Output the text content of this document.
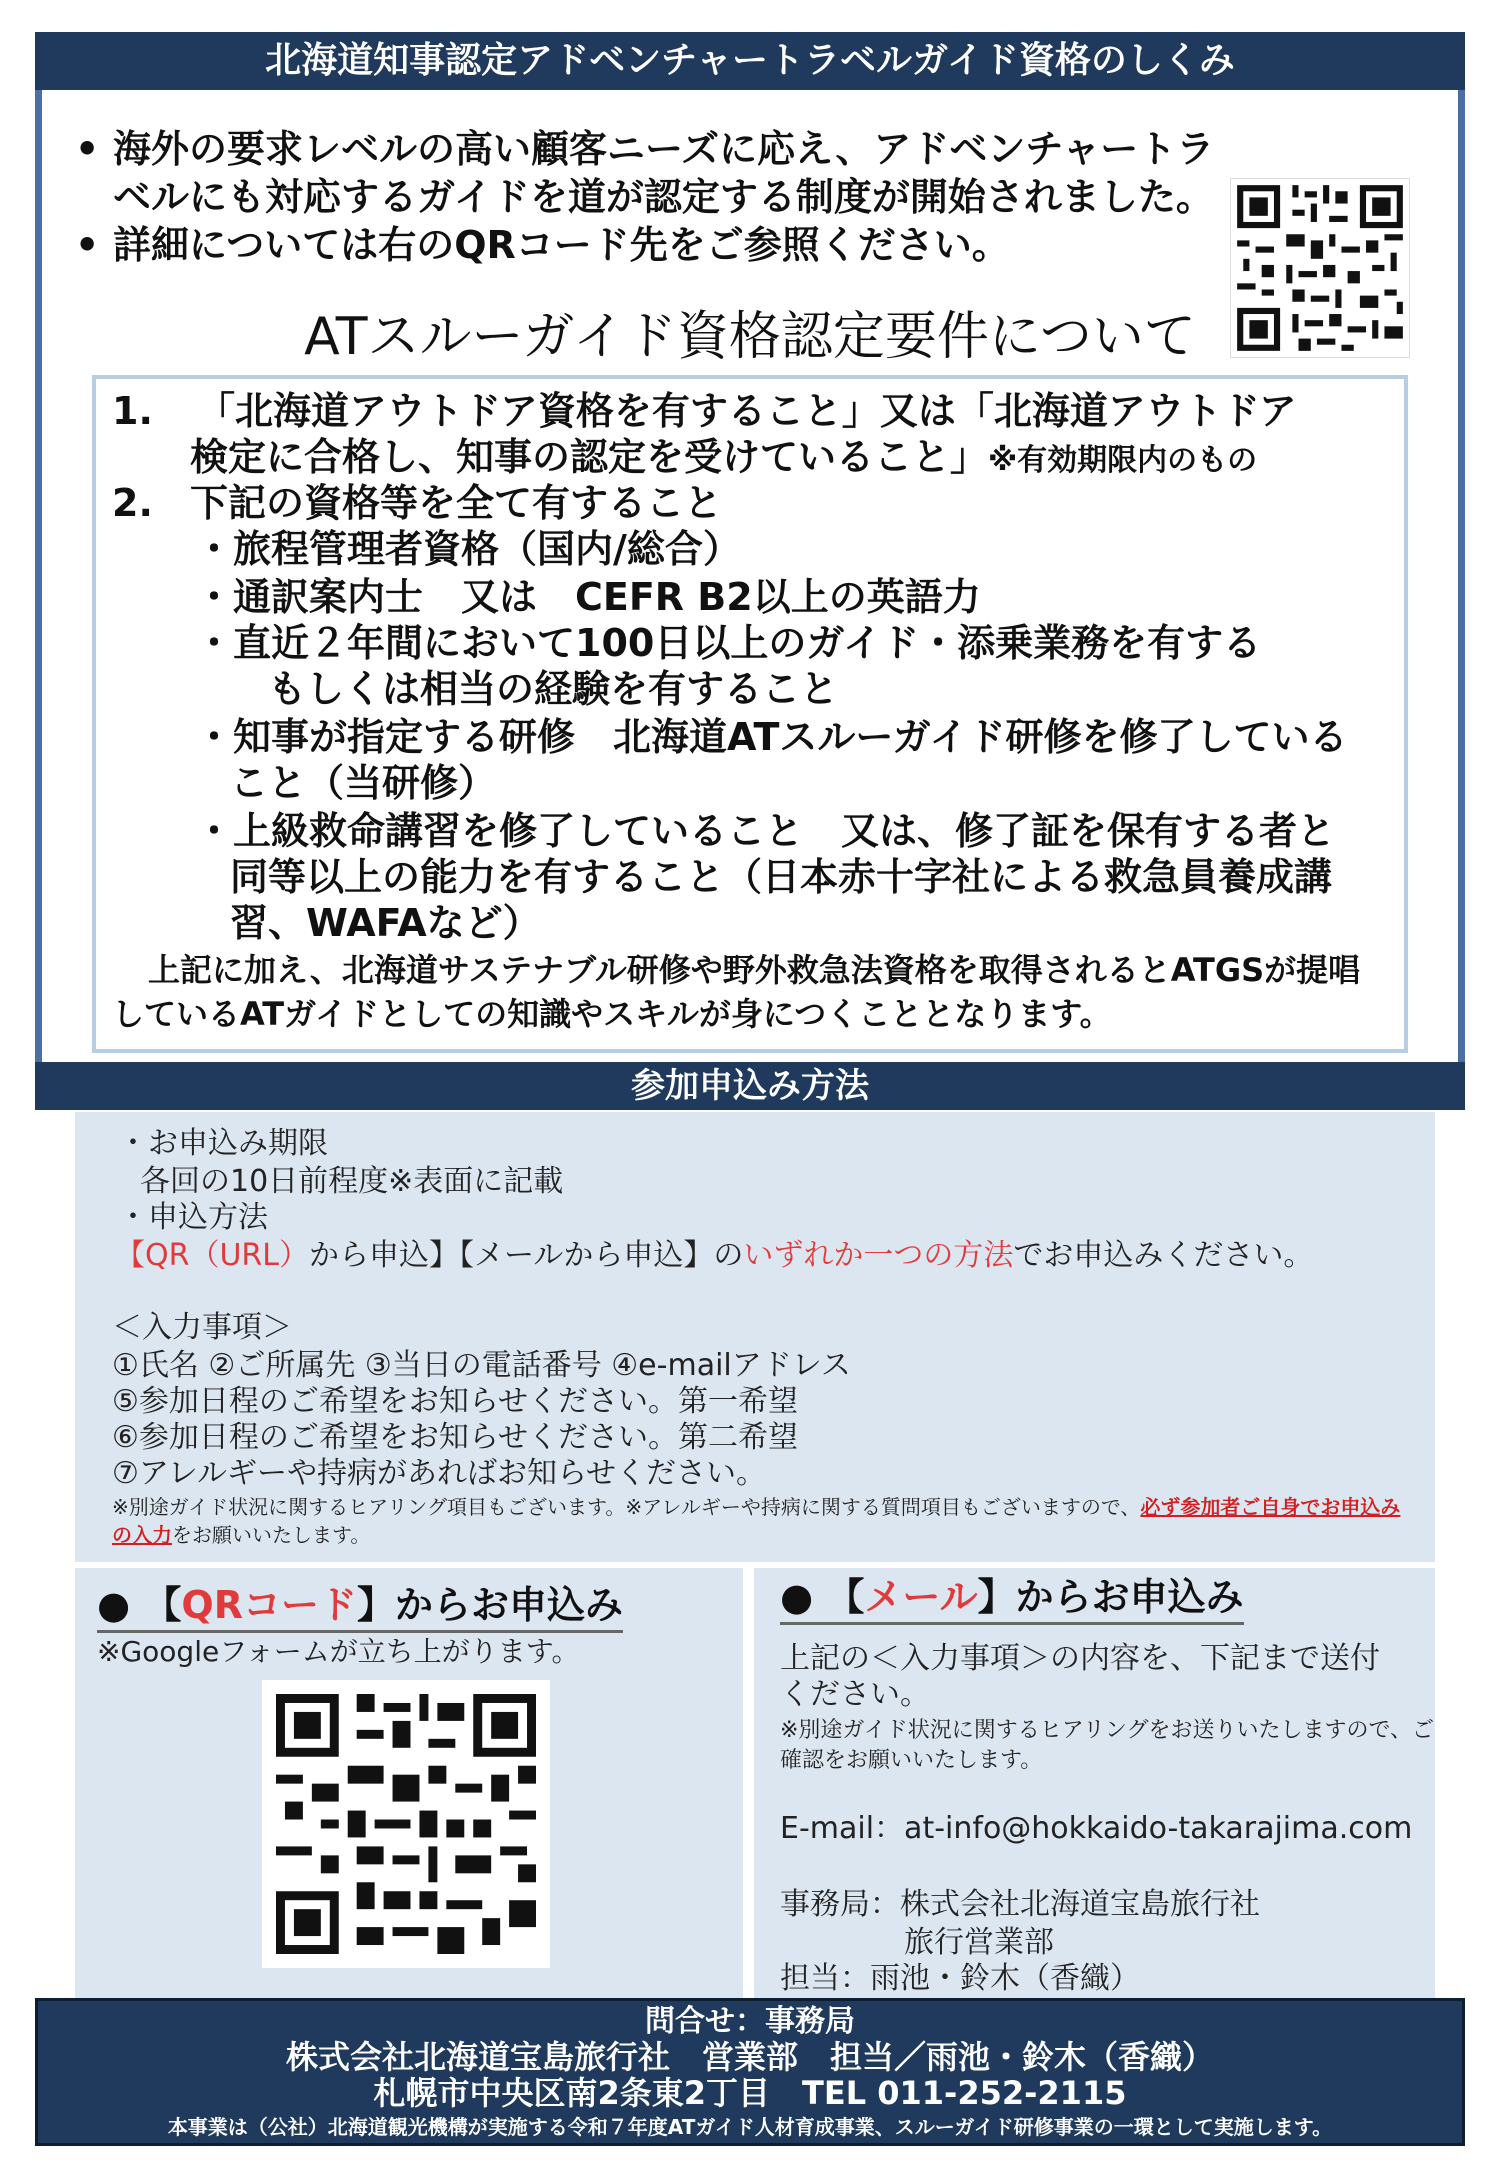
北海道知事認定アドベンチャートラベルガイド資格のしくみ
• 海外の要求レベルの高い顧客ニーズに応え、アドベンチャートラベルにも対応するガイドを道が認定する制度が開始されました。
• 詳細については右のQRコード先をご参照ください。
ATスルーガイド資格認定要件について
1. 「北海道アウトドア資格を有すること」又は「北海道アウトドア
検定に合格し、知事の認定を受けていること」※有効期限内のもの
2. 下記の資格等を全て有すること
・旅程管理者資格（国内/総合）
・通訳案内士　又は　CEFR B2以上の英語力
・直近２年間において100日以上のガイド・添乗業務を有する
もしくは相当の経験を有すること
・知事が指定する研修　北海道ATスルーガイド研修を修了している
こと（当研修）
・上級救命講習を修了していること　又は、修了証を保有する者と
同等以上の能力を有すること（日本赤十字社による救急員養成講
習、WAFAなど）
上記に加え、北海道サステナブル研修や野外救急法資格を取得されるとATGSが提唱しているATガイドとしての知識やスキルが身につくこととなります。
参加申込み方法
・お申込み期限
各回の10日前程度※表面に記載
・申込方法
【QR（URL）から申込】【メールから申込】のいずれか一つの方法でお申込みください。
＜入力事項＞
①氏名 ②ご所属先 ③当日の電話番号 ④e-mailアドレス
⑤参加日程のご希望をお知らせください。第一希望
⑥参加日程のご希望をお知らせください。第二希望
⑦アレルギーや持病があればお知らせください。
※別途ガイド状況に関するヒアリング項目もございます。※アレルギーや持病に関する質問項目もございますので、必ず参加者ご自身でお申込みの入力をお願いいたします。
● 【QRコード】からお申込み
※Googleフォームが立ち上がります。
● 【メール】からお申込み
上記の＜入力事項＞の内容を、下記まで送付
ください。
※別途ガイド状況に関するヒアリングをお送りいたしますので、ご確認をお願いいたします。
E-mail：at-info@hokkaido-takarajima.com
事務局：株式会社北海道宝島旅行社
旅行営業部
担当：雨池・鈴木（香織）
問合せ：事務局
株式会社北海道宝島旅行社　営業部　担当／雨池・鈴木（香織）
札幌市中央区南2条東2丁目　TEL 011-252-2115
本事業は（公社）北海道観光機構が実施する令和７年度ATガイド人材育成事業、スルーガイド研修事業の一環として実施します。
